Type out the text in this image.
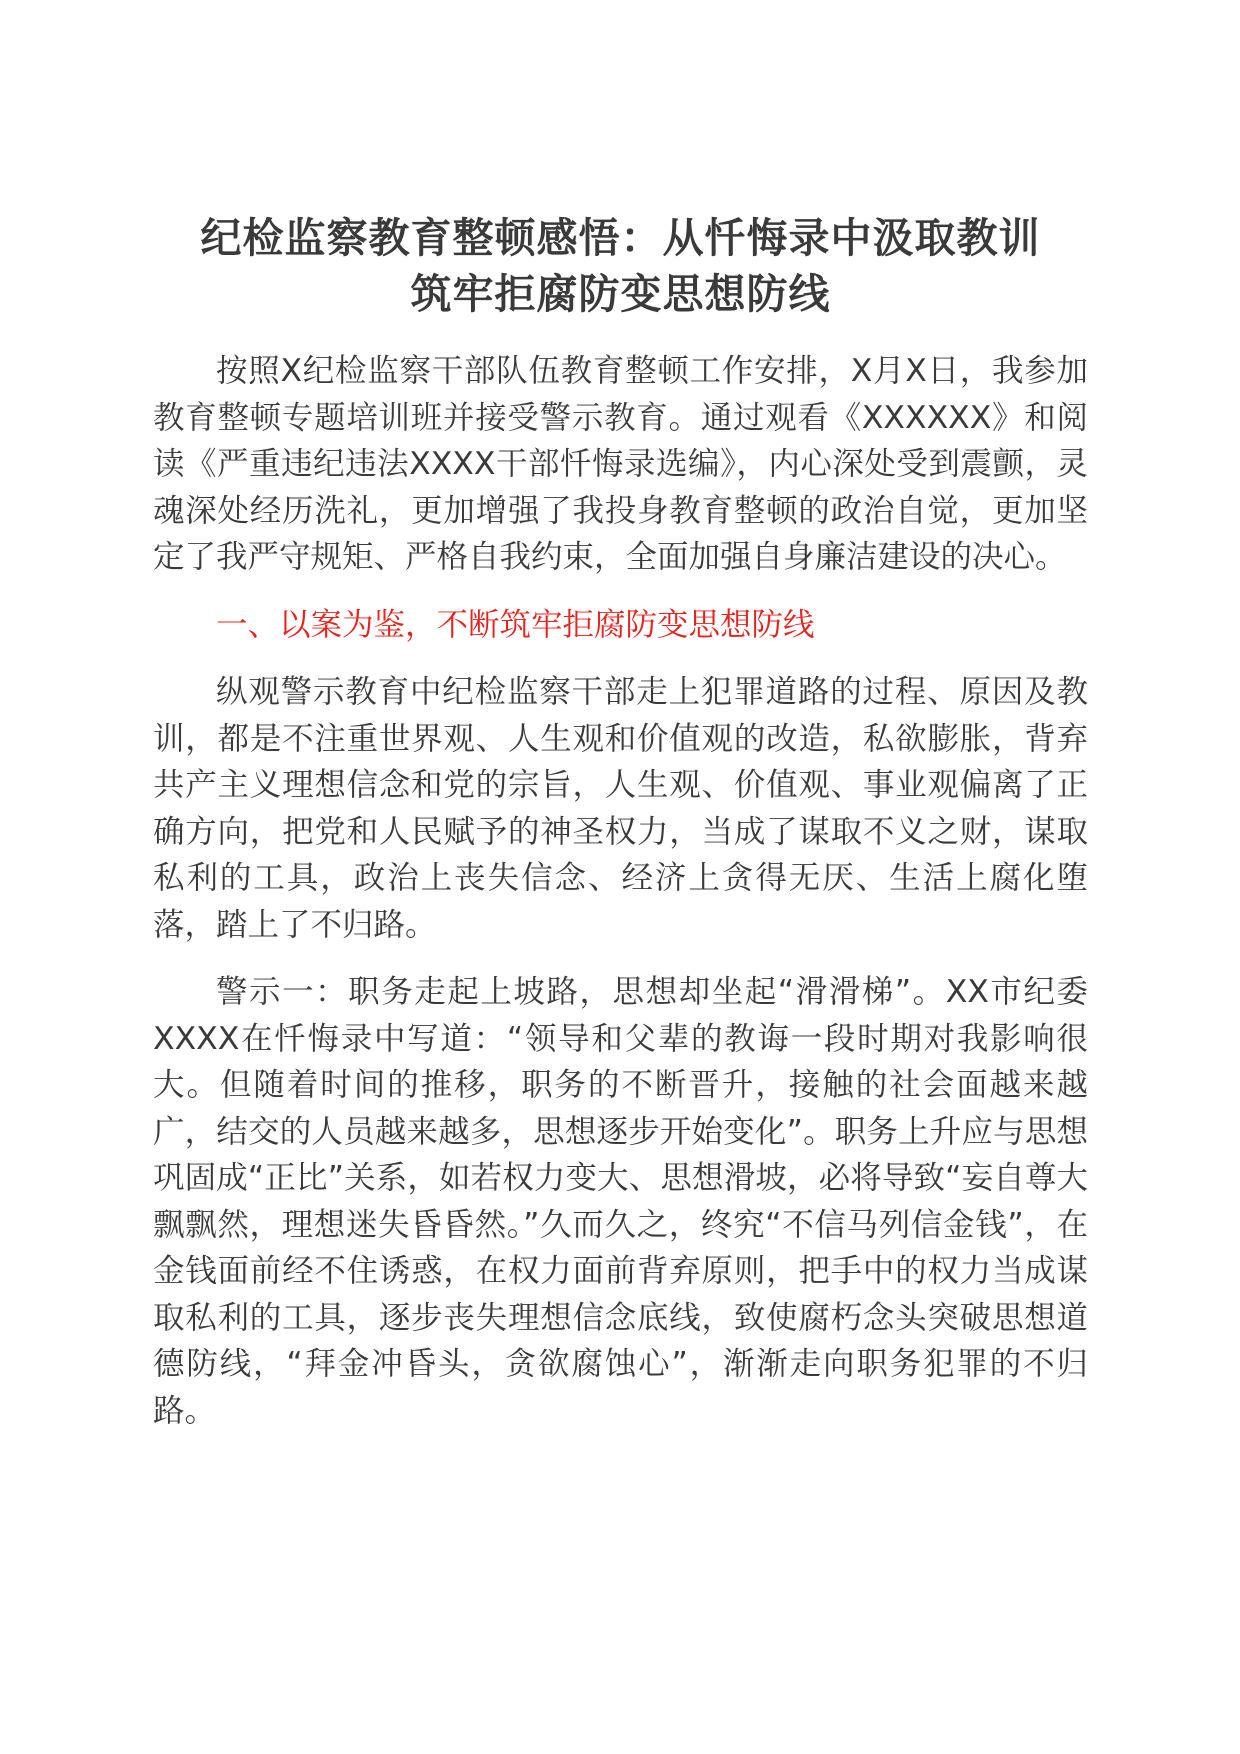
纪检监察教育整顿感悟：从忏悔录中汲取教训
筑牢拒腐防变思想防线

按照X纪检监察干部队伍教育整顿工作安排，X月X日，我参加教育整顿专题培训班并接受警示教育。通过观看《XXXXXX》和阅读《严重违纪违法XXXX干部忏悔录选编》，内心深处受到震颤，灵魂深处经历洗礼，更加增强了我投身教育整顿的政治自觉，更加坚定了我严守规矩、严格自我约束，全面加强自身廉洁建设的决心。

一、以案为鉴，不断筑牢拒腐防变思想防线

纵观警示教育中纪检监察干部走上犯罪道路的过程、原因及教训，都是不注重世界观、人生观和价值观的改造，私欲膨胀，背弃共产主义理想信念和党的宗旨，人生观、价值观、事业观偏离了正确方向，把党和人民赋予的神圣权力，当成了谋取不义之财，谋取私利的工具，政治上丧失信念、经济上贪得无厌、生活上腐化堕落，踏上了不归路。

警示一：职务走起上坡路，思想却坐起“滑滑梯”。XX市纪委XXXX在忏悔录中写道：“领导和父辈的教诲一段时期对我影响很大。但随着时间的推移，职务的不断晋升，接触的社会面越来越广，结交的人员越来越多，思想逐步开始变化”。职务上升应与思想巩固成“正比”关系，如若权力变大、思想滑坡，必将导致“妄自尊大飘飘然，理想迷失昏昏然。”久而久之，终究“不信马列信金钱”，在金钱面前经不住诱惑，在权力面前背弃原则，把手中的权力当成谋取私利的工具，逐步丧失理想信念底线，致使腐朽念头突破思想道德防线，“拜金冲昏头，贪欲腐蚀心”，渐渐走向职务犯罪的不归路。
